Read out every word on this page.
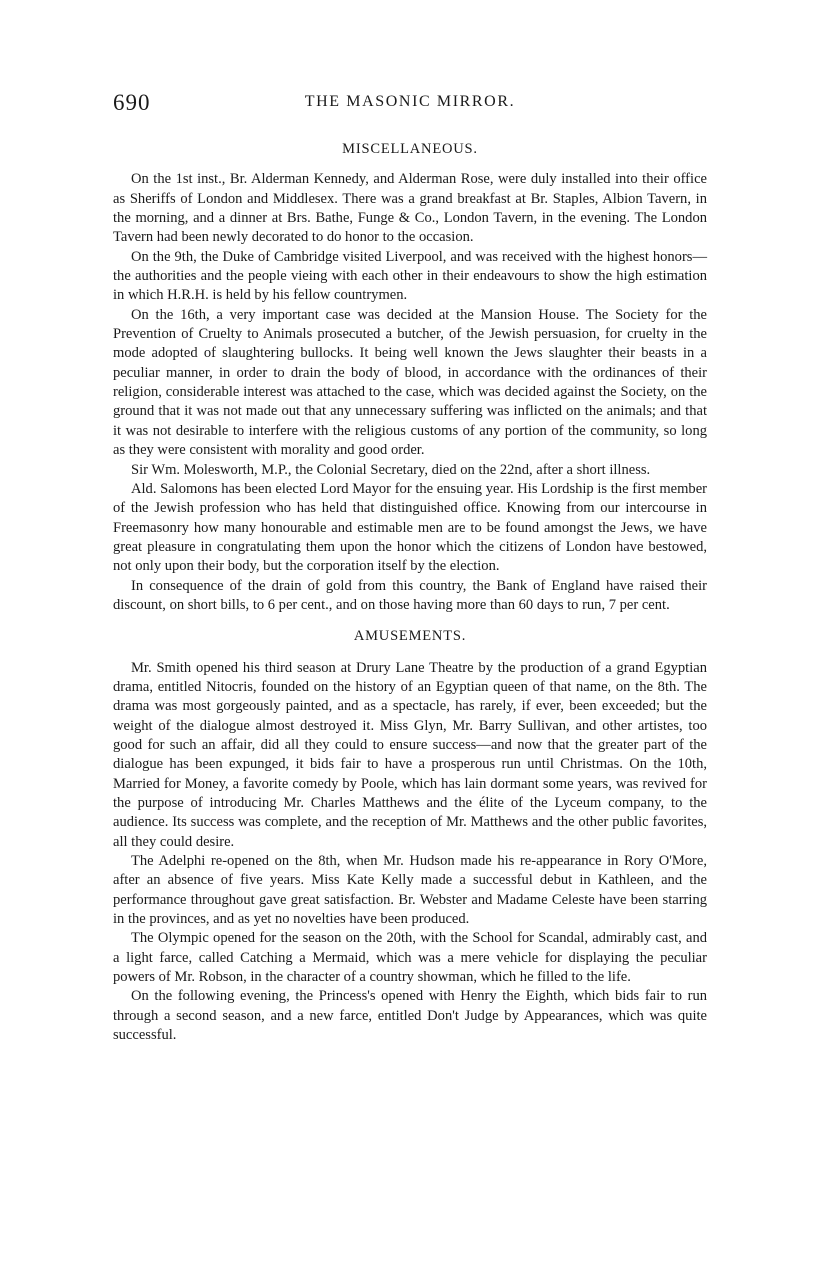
690	THE MASONIC MIRROR.
MISCELLANEOUS.

On the 1st inst., Br. Alderman Kennedy, and Alderman Rose, were duly installed into their office as Sheriffs of London and Middlesex. There was a grand breakfast at Br. Staples, Albion Tavern, in the morning, and a dinner at Brs. Bathe, Funge & Co., London Tavern, in the evening. The London Tavern had been newly decorated to do honor to the occasion.

On the 9th, the Duke of Cambridge visited Liverpool, and was received with the highest honors—the authorities and the people vieing with each other in their endeavours to show the high estimation in which H.R.H. is held by his fellow countrymen.

On the 16th, a very important case was decided at the Mansion House. The Society for the Prevention of Cruelty to Animals prosecuted a butcher, of the Jewish persuasion, for cruelty in the mode adopted of slaughtering bullocks. It being well known the Jews slaughter their beasts in a peculiar manner, in order to drain the body of blood, in accordance with the ordinances of their religion, considerable interest was attached to the case, which was decided against the Society, on the ground that it was not made out that any unnecessary suffering was inflicted on the animals; and that it was not desirable to interfere with the religious customs of any portion of the community, so long as they were consistent with morality and good order.

Sir Wm. Molesworth, M.P., the Colonial Secretary, died on the 22nd, after a short illness.

Ald. Salomons has been elected Lord Mayor for the ensuing year. His Lordship is the first member of the Jewish profession who has held that distinguished office. Knowing from our intercourse in Freemasonry how many honourable and estimable men are to be found amongst the Jews, we have great pleasure in congratulating them upon the honor which the citizens of London have bestowed, not only upon their body, but the corporation itself by the election.

In consequence of the drain of gold from this country, the Bank of England have raised their discount, on short bills, to 6 per cent., and on those having more than 60 days to run, 7 per cent.

AMUSEMENTS.

Mr. Smith opened his third season at Drury Lane Theatre by the production of a grand Egyptian drama, entitled Nitocris, founded on the history of an Egyptian queen of that name, on the 8th. The drama was most gorgeously painted, and as a spectacle, has rarely, if ever, been exceeded; but the weight of the dialogue almost destroyed it. Miss Glyn, Mr. Barry Sullivan, and other artistes, too good for such an affair, did all they could to ensure success—and now that the greater part of the dialogue has been expunged, it bids fair to have a prosperous run until Christmas. On the 10th, Married for Money, a favorite comedy by Poole, which has lain dormant some years, was revived for the purpose of introducing Mr. Charles Matthews and the élite of the Lyceum company, to the audience. Its success was complete, and the reception of Mr. Matthews and the other public favorites, all they could desire.

The Adelphi re-opened on the 8th, when Mr. Hudson made his re-appearance in Rory O'More, after an absence of five years. Miss Kate Kelly made a successful debut in Kathleen, and the performance throughout gave great satisfaction. Br. Webster and Madame Celeste have been starring in the provinces, and as yet no novelties have been produced.

The Olympic opened for the season on the 20th, with the School for Scandal, admirably cast, and a light farce, called Catching a Mermaid, which was a mere vehicle for displaying the peculiar powers of Mr. Robson, in the character of a country showman, which he filled to the life.

On the following evening, the Princess's opened with Henry the Eighth, which bids fair to run through a second season, and a new farce, entitled Don't Judge by Appearances, which was quite successful.
